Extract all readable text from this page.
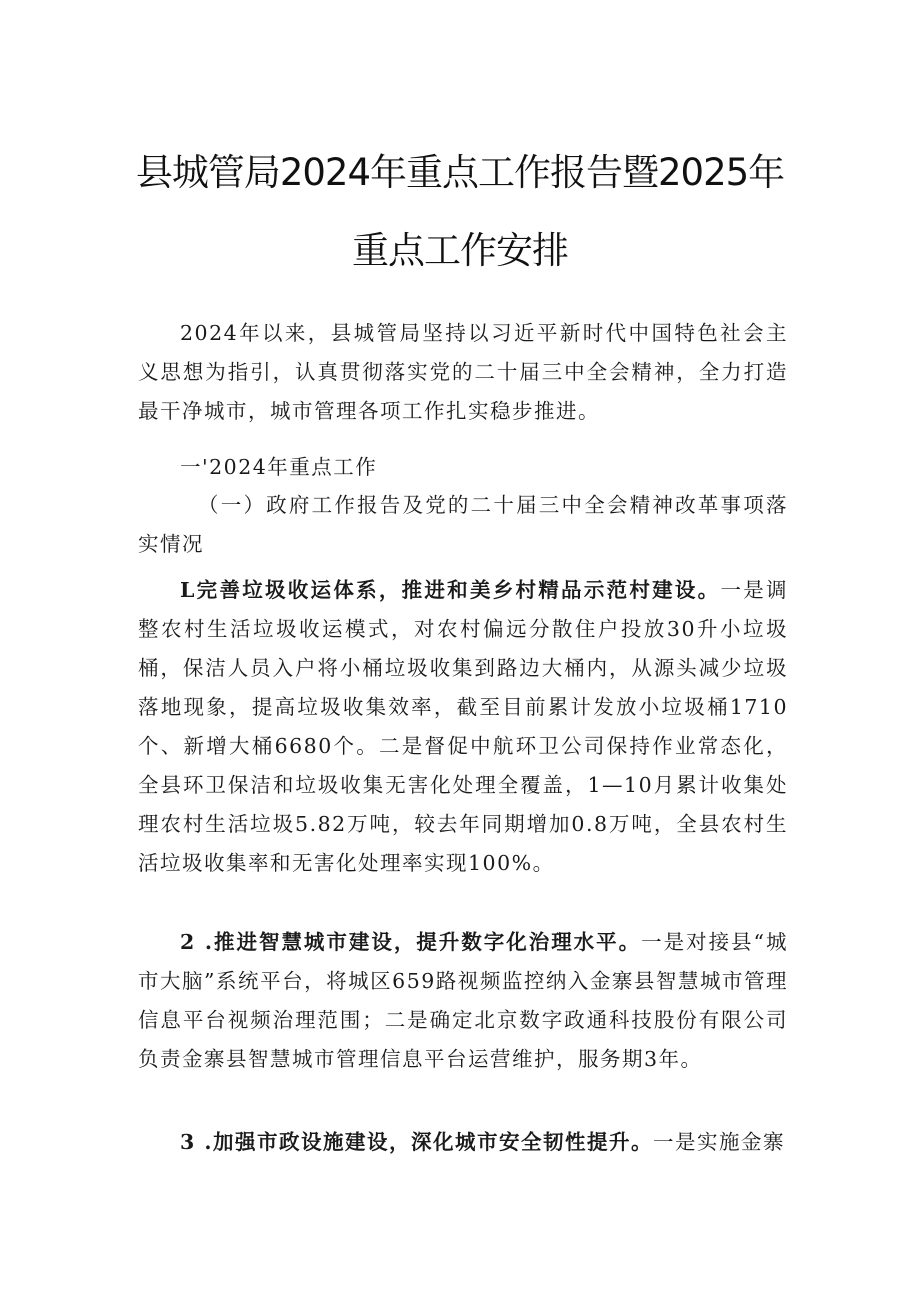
县城管局2024年重点工作报告暨2025年
重点工作安排

2024年以来，县城管局坚持以习近平新时代中国特色社会主义思想为指引，认真贯彻落实党的二十届三中全会精神，全力打造最干净城市，城市管理各项工作扎实稳步推进。

一'2024年重点工作

（一）政府工作报告及党的二十届三中全会精神改革事项落实情况

L完善垃圾收运体系，推进和美乡村精品示范村建设。一是调整农村生活垃圾收运模式，对农村偏远分散住户投放30升小垃圾桶，保洁人员入户将小桶垃圾收集到路边大桶内，从源头减少垃圾落地现象，提高垃圾收集效率，截至目前累计发放小垃圾桶1710个、新增大桶6680个。二是督促中航环卫公司保持作业常态化，全县环卫保洁和垃圾收集无害化处理全覆盖，1—10月累计收集处理农村生活垃圾5.82万吨，较去年同期增加0.8万吨，全县农村生活垃圾收集率和无害化处理率实现100%。

2 .推进智慧城市建设，提升数字化治理水平。一是对接县“城市大脑”系统平台，将城区659路视频监控纳入金寨县智慧城市管理信息平台视频治理范围；二是确定北京数字政通科技股份有限公司负责金寨县智慧城市管理信息平台运营维护，服务期3年。

3 .加强市政设施建设，深化城市安全韧性提升。一是实施金寨
